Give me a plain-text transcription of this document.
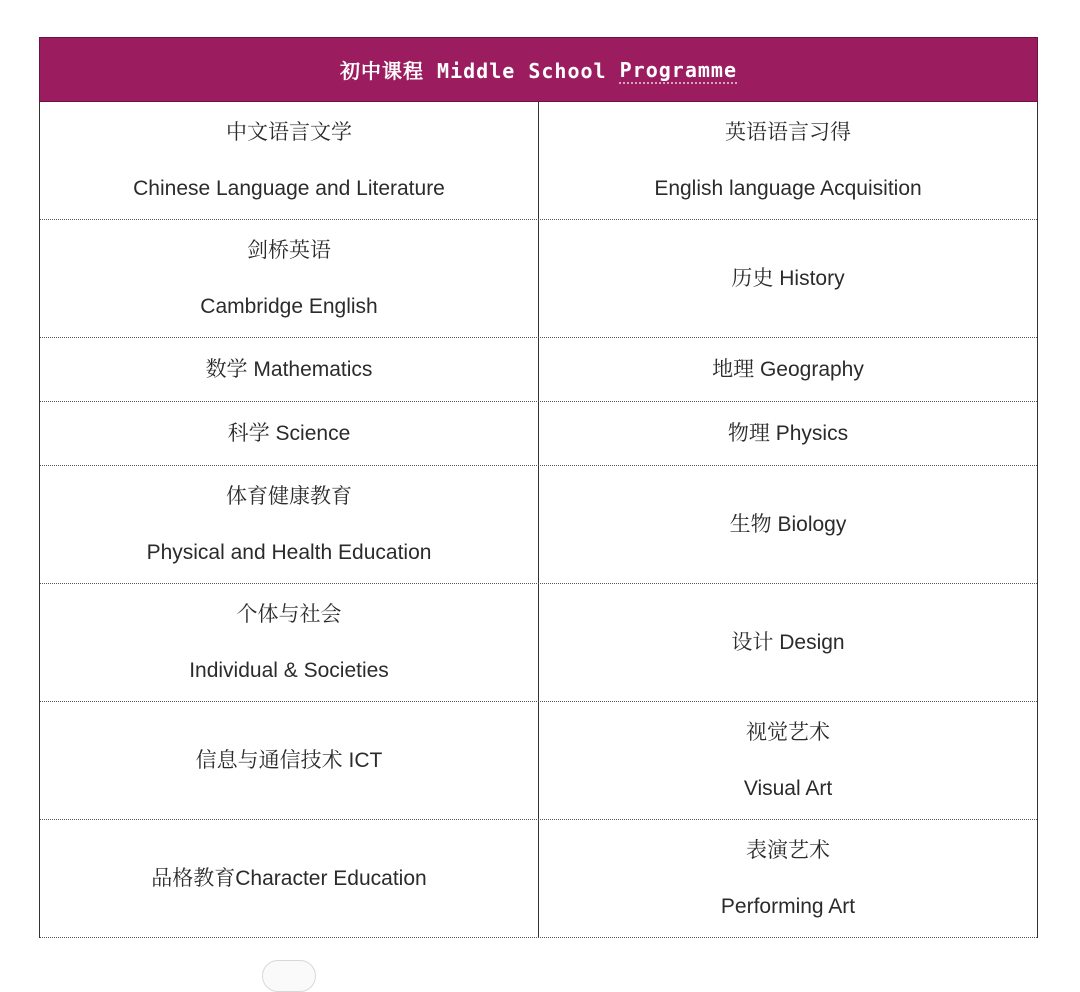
初中课程 Middle School Programme
中文语言文学
Chinese Language and Literature
英语语言习得
English language Acquisition
剑桥英语
Cambridge English
历史 History
数学 Mathematics	地理 Geography
科学 Science	物理 Physics
体育健康教育
Physical and Health Education
生物 Biology
个体与社会
Individual & Societies
设计 Design
信息与通信技术 ICT
视觉艺术
Visual Art
品格教育Character Education
表演艺术
Performing Art
